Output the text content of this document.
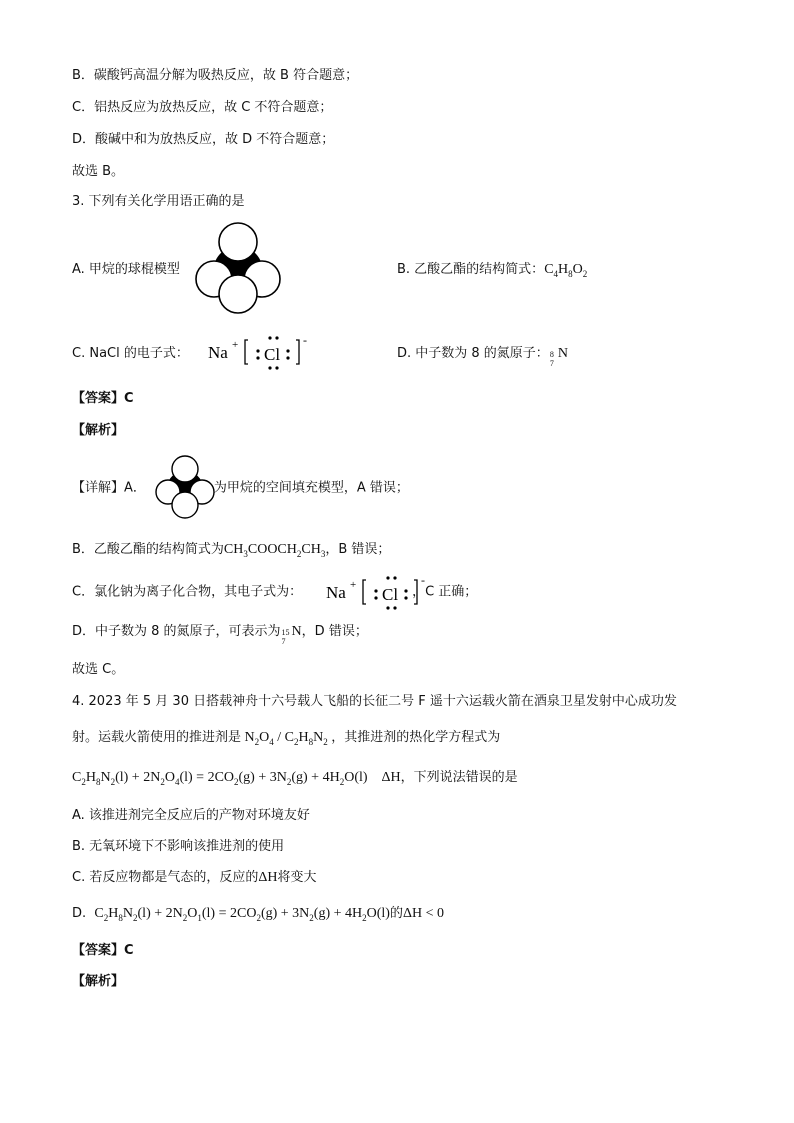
B．碳酸钙高温分解为吸热反应，故 B 符合题意；
C．铝热反应为放热反应，故 C 不符合题意；
D．酸碱中和为放热反应，故 D 不符合题意；
故选 B。
3. 下列有关化学用语正确的是
A. 甲烷的球棍模型	B. 乙酸乙酯的结构简式：$C_4H_8O_2$
C. NaCl 的电子式： Na + Cl
-
D. 中子数为 8 的氮原子： 8
7
N
【答案】C
【解析】
【详解】A．	为甲烷的空间填充模型，A 错误；
B．乙酸乙酯的结构简式为$CH_3COOCH_2CH_3$，B 错误；
C．氯化钠为离子化合物，其电子式为：	，C 正确；
Na + Cl
-
D．中子数为 8 的氮原子，可表示为 15
7
N，D 错误；
故选 C。
4. 2023 年 5 月 30 日搭载神舟十六号载人飞船的长征二号 F 遥十六运载火箭在酒泉卫星发射中心成功发
射。运载火箭使用的推进剂是 $N_2O_4 / C_2H_8N_2$ ，其推进剂的热化学方程式为
$C_2H_8N_2(l) + 2N_2O_4(l) = 2CO_2(g) + 3N_2(g) + 4H_2O(l)$    ΔH，下列说法错误的是
A. 该推进剂完全反应后的产物对环境友好
B. 无氧环境下不影响该推进剂的使用
C. 若反应物都是气态的，反应的ΔH将变大
D. $C_2H_8N_2(l) + 2N_2O_1(l) = 2CO_2(g) + 3N_2(g) + 4H_2O(l)$的ΔH < 0
【答案】C
【解析】
